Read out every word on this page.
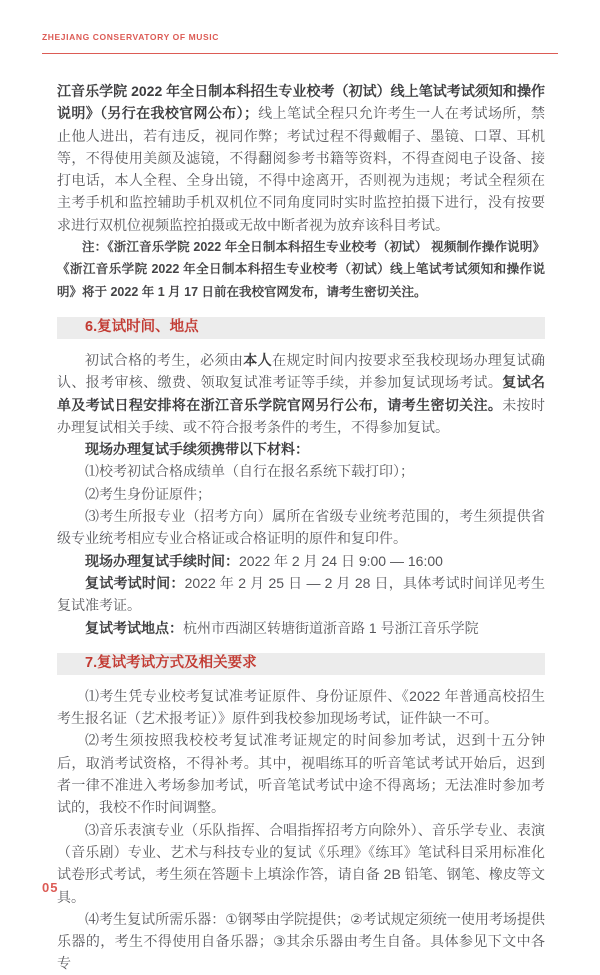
ZHEJIANG CONSERVATORY OF MUSIC

江音乐学院 2022 年全日制本科招生专业校考（初试）线上笔试考试须知和操作说明》（另行在我校官网公布）；线上笔试全程只允许考生一人在考试场所，禁止他人进出，若有违反，视同作弊；考试过程不得戴帽子、墨镜、口罩、耳机等，不得使用美颜及滤镜，不得翻阅参考书籍等资料，不得查阅电子设备、接打电话，本人全程、全身出镜，不得中途离开，否则视为违规；考试全程须在主考手机和监控辅助手机双机位不同角度同时实时监控拍摄下进行，没有按要求进行双机位视频监控拍摄或无故中断者视为放弃该科目考试。

注：《浙江音乐学院 2022 年全日制本科招生专业校考（初试） 视频制作操作说明》《浙江音乐学院 2022 年全日制本科招生专业校考（初试）线上笔试考试须知和操作说明》将于 2022 年 1 月 17 日前在我校官网发布，请考生密切关注。

6.复试时间、地点

初试合格的考生，必须由本人在规定时间内按要求至我校现场办理复试确认、报考审核、缴费、领取复试准考证等手续，并参加复试现场考试。复试名单及考试日程安排将在浙江音乐学院官网另行公布，请考生密切关注。未按时办理复试相关手续、或不符合报考条件的考生，不得参加复试。

现场办理复试手续须携带以下材料：

⑴校考初试合格成绩单（自行在报名系统下载打印）；

⑵考生身份证原件；

⑶考生所报专业（招考方向）属所在省级专业统考范围的，考生须提供省级专业统考相应专业合格证或合格证明的原件和复印件。

现场办理复试手续时间：2022 年 2 月 24 日 9:00 — 16:00

复试考试时间：2022 年 2 月 25 日 — 2 月 28 日，具体考试时间详见考生复试准考证。

复试考试地点：杭州市西湖区转塘街道浙音路 1 号浙江音乐学院

7.复试考试方式及相关要求

⑴考生凭专业校考复试准考证原件、身份证原件、《2022 年普通高校招生考生报名证（艺术报考证）》原件到我校参加现场考试，证件缺一不可。

⑵考生须按照我校校考复试准考证规定的时间参加考试，迟到十五分钟后，取消考试资格，不得补考。其中，视唱练耳的听音笔试考试开始后，迟到者一律不准进入考场参加考试，听音笔试考试中途不得离场；无法准时参加考试的，我校不作时间调整。

⑶音乐表演专业（乐队指挥、合唱指挥招考方向除外）、音乐学专业、表演（音乐剧）专业、艺术与科技专业的复试《乐理》《练耳》笔试科目采用标准化试卷形式考试，考生须在答题卡上填涂作答，请自备 2B 铅笔、钢笔、橡皮等文具。

⑷考生复试所需乐器：①钢琴由学院提供；②考试规定须统一使用考场提供乐器的，考生不得使用自备乐器；③其余乐器由考生自备。具体参见下文中各专

05
